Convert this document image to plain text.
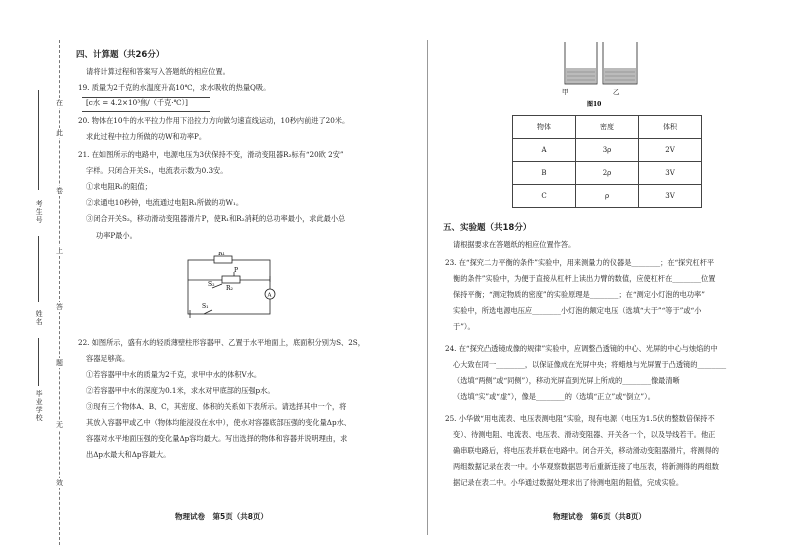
在
此
卷
上
答
题
无
效
考生号
姓名
毕业学校
四、计算题（共26分）
请将计算过程和答案写入答题纸的相应位置。
19. 质量为2千克的水温度升高10℃，求水吸收的热量Q吸。
[c水 = 4.2×10³焦/（千克·℃）]
20. 物体在10牛的水平拉力作用下沿拉力方向做匀速直线运动，10秒内前进了20米。
求此过程中拉力所做的功W和功率P。
21. 在如图所示的电路中，电源电压为3伏保持不变，滑动变阻器R₂标有“20欧 2安”
字样。只闭合开关S₁，电流表示数为0.3安。
①求电阻R₁的阻值；
②求通电10秒钟，电流通过电阻R₁所做的功W₁。
③闭合开关S₂，移动滑动变阻器滑片P，使R₁和R₂消耗的总功率最小，求此最小总
功率P最小。
R₁
R₂
S₁
S₂
P
A
22. 如图所示，盛有水的轻质薄壁柱形容器甲、乙置于水平地面上，底面积分别为S、2S，
容器足够高。
①若容器甲中水的质量为2千克，求甲中水的体积V水。
②若容器甲中水的深度为0.1米，求水对甲底部的压强p水。
③现有三个物体A、B、C，其密度、体积的关系如下表所示。请选择其中一个，将
其放入容器甲或乙中（物体均能浸没在水中），使水对容器底部压强的变化量Δp水、
容器对水平地面压强的变化量Δp容均最大。写出选择的物体和容器并说明理由，求
出Δp水最大和Δp容最大。
物理试卷　第5页（共8页）
甲	乙
图10
物体	密度	体积
A	3ρ	2V
B	2ρ	3V
C	ρ	3V
五、实验题（共18分）
请根据要求在答题纸的相应位置作答。
23. 在“探究二力平衡的条件”实验中，用来测量力的仪器是________；在“探究杠杆平
衡的条件”实验中，为便于直接从杠杆上读出力臂的数值，应使杠杆在________位置
保持平衡；“测定物质的密度”的实验原理是________；在“测定小灯泡的电功率”
实验中，所选电源电压应________小灯泡的额定电压（选填“大于”“等于”或“小
于”）。
24. 在“探究凸透镜成像的规律”实验中，应调整凸透镜的中心、光屏的中心与烛焰的中
心大致在同一________，以保证像成在光屏中央；将蜡烛与光屏置于凸透镜的________
（选填“两侧”或“同侧”），移动光屏直到光屏上所成的________像最清晰
（选填“实”或“虚”），像是________的（选填“正立”或“倒立”）。
25. 小华做“用电流表、电压表测电阻”实验，现有电源（电压为1.5伏的整数倍保持不
变）、待测电阻、电流表、电压表、滑动变阻器、开关各一个，以及导线若干。他正
确串联电路后，将电压表并联在电路中。闭合开关，移动滑动变阻器滑片，将测得的
两组数据记录在表一中。小华观察数据思考后重新连接了电压表，将新测得的两组数
据记录在表二中。小华通过数据处理求出了待测电阻的阻值，完成实验。
物理试卷　第6页（共8页）
